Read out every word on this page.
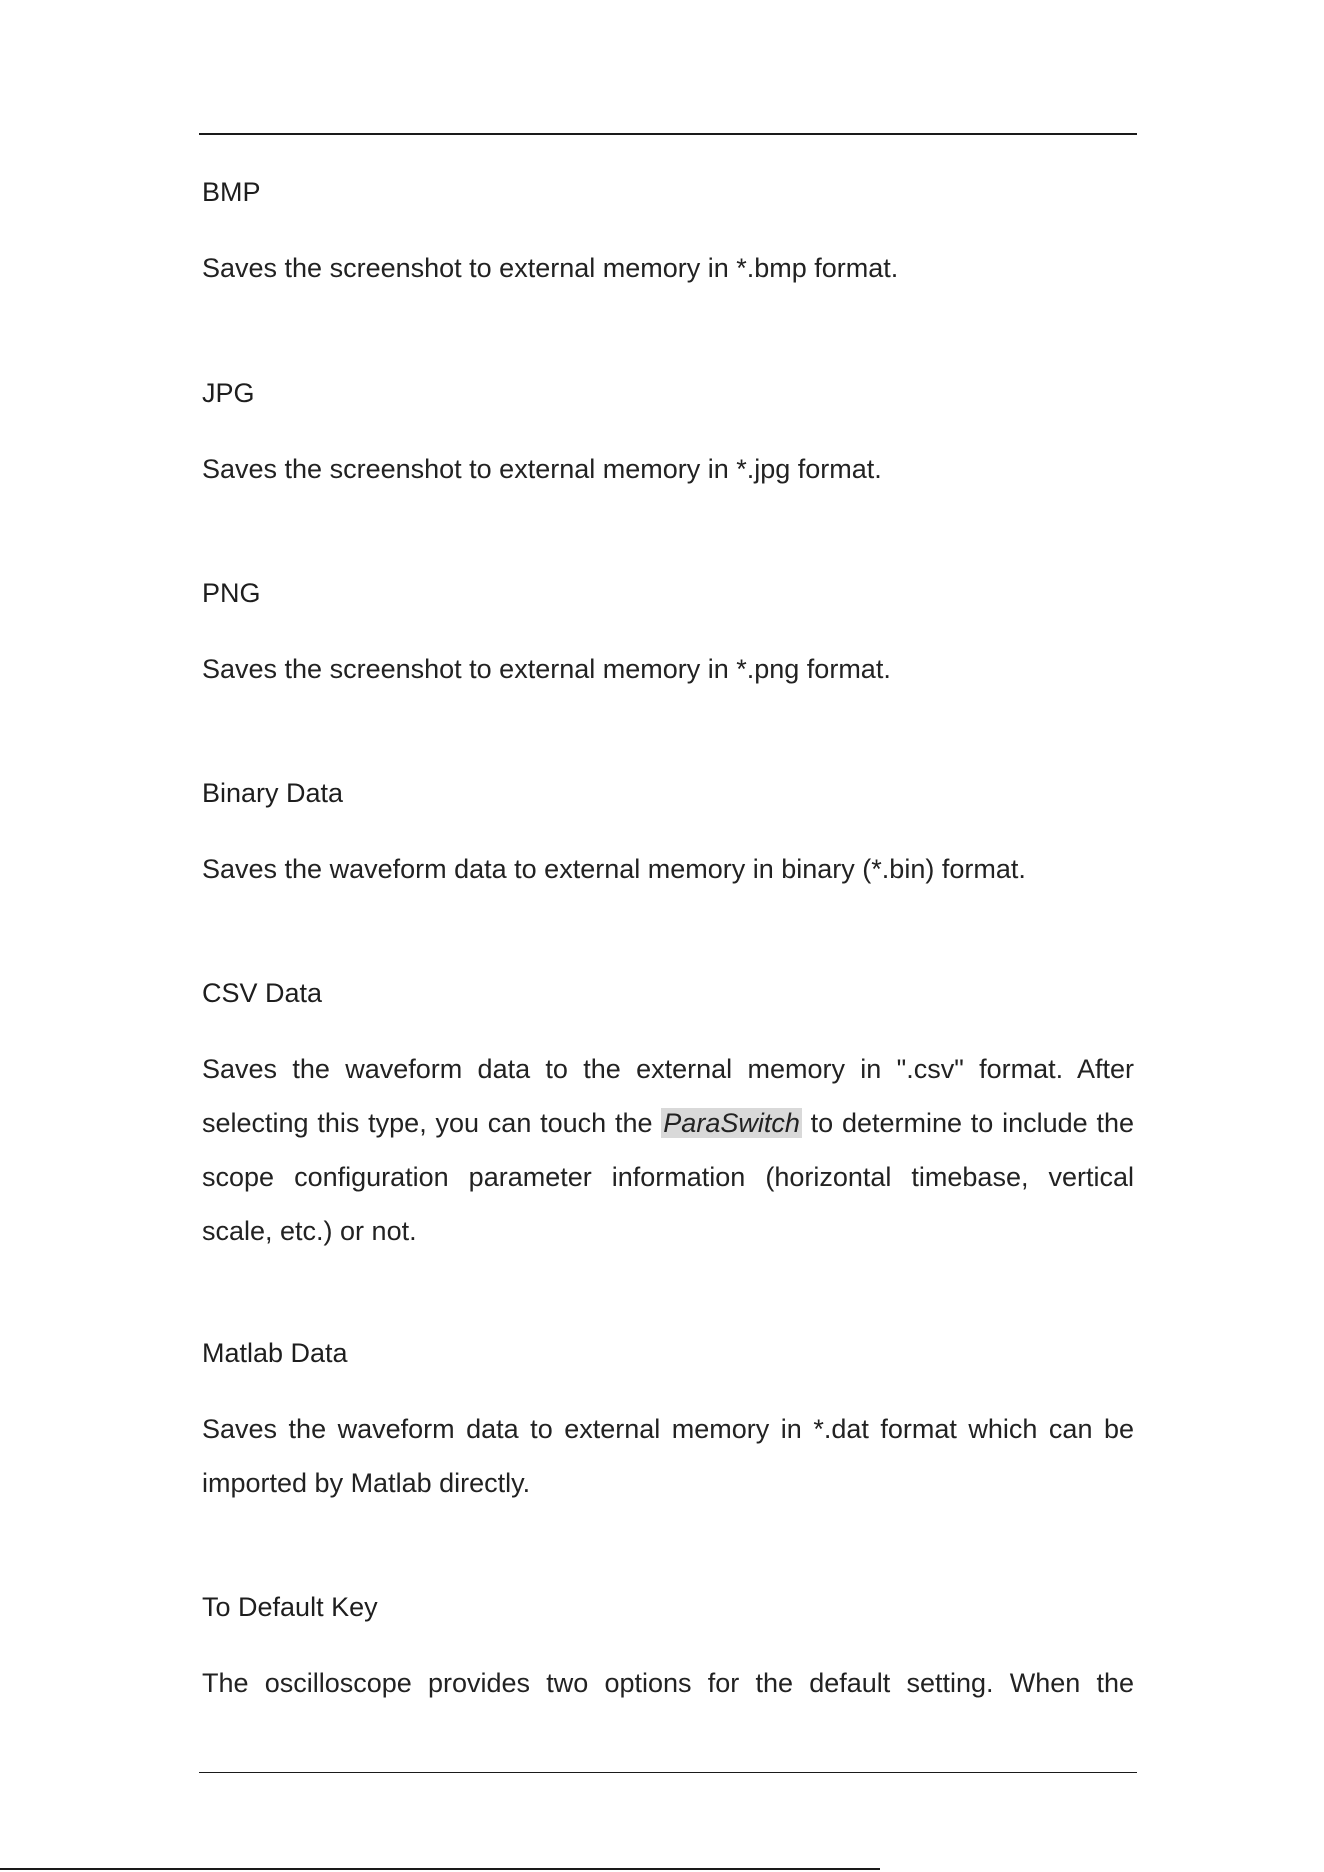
BMP

Saves the screenshot to external memory in *.bmp format.

JPG

Saves the screenshot to external memory in *.jpg format.

PNG

Saves the screenshot to external memory in *.png format.

Binary Data

Saves the waveform data to external memory in binary (*.bin) format.

CSV Data

Saves the waveform data to the external memory in ".csv" format. After selecting this type, you can touch the ParaSwitch to determine to include the scope configuration parameter information (horizontal timebase, vertical scale, etc.) or not.

Matlab Data

Saves the waveform data to external memory in *.dat format which can be imported by Matlab directly.

To Default Key

The oscilloscope provides two options for the default setting. When the
